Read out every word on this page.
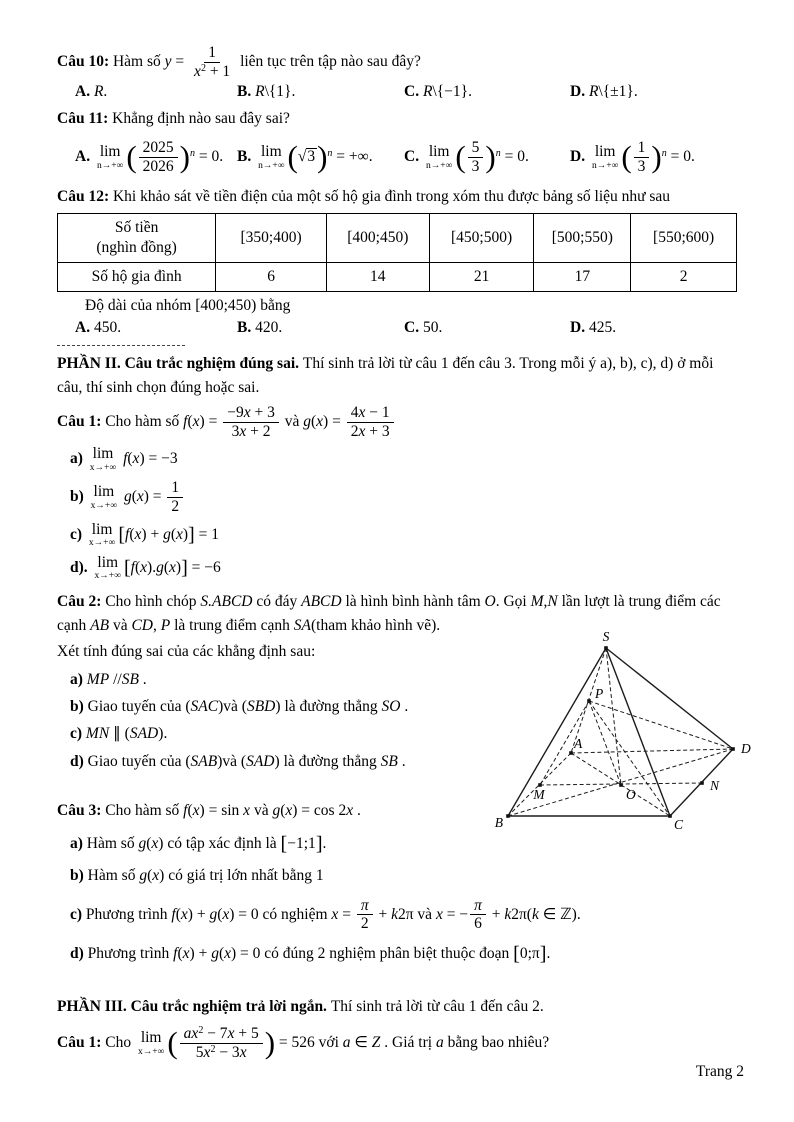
Câu 10: Hàm số $y = \frac{1}{x^2 + 1}$ liên tục trên tập nào sau đây?
A. R.	B. R\{1}.	C. R\{−1}.	D. R\{±1}.
Câu 11: Khẳng định nào sau đây sai?
A. lim
n→+∞ ( $\frac{2025}{2026} )^n = 0$. B. lim
n→+∞ ( √ 3 )$^n$ = +∞.	C. lim
n→+∞ ( $\frac{5}{3} )^n = 0$.	D. lim
n→+∞ ( $\frac{1}{3} )^n = 0$.
Câu 12: Khi khảo sát về tiền điện của một số hộ gia đình trong xóm thu được bảng số liệu như sau
Số tiền
(nghìn đồng)	[350;400)	[400;450)	[450;500)	[500;550)	[550;600)
Số hộ gia đình	6	14	21	17	2
Độ dài của nhóm [400;450) bằng
A. 450.	B. 420.	C. 50.	D. 425.
PHẦN II. Câu trắc nghiệm đúng sai. Thí sinh trả lời từ câu 1 đến câu 3. Trong mỗi ý a), b), c), d) ở mỗi câu, thí sinh chọn đúng hoặc sai.
Câu 1: Cho hàm số $f(x) = \frac{-9x + 3}{3x + 2}$ và $g(x) = \frac{4x - 1}{2x + 3}$
a) lim
x→+∞
f(x) = −3
b) lim
x→+∞
$g(x) = \frac{1}{2}$
c) lim
x→+∞ [f(x) + g(x)] = 1
d). lim
x→+∞ [f(x).g(x)] = −6
Câu 2: Cho hình chóp S.ABCD có đáy ABCD là hình bình hành tâm O. Gọi M,N lần lượt là trung điểm các cạnh AB và CD, P là trung điểm cạnh SA(tham khảo hình vẽ).
Xét tính đúng sai của các khẳng định sau:
a) MP //SB .
b) Giao tuyến của (SAC)và (SBD) là đường thẳng SO .
c) MN ∥ (SAD).
d) Giao tuyến của (SAB)và (SAD) là đường thẳng SB .
Câu 3: Cho hàm số f(x) = sin x và g(x) = cos 2x .
a) Hàm số g(x) có tập xác định là [−1;1].
b) Hàm số g(x) có giá trị lớn nhất bằng 1
c) Phương trình f(x) + g(x) = 0 có nghiệm $x = \frac{\pi}{2} + k2\pi$ và x = − $\frac{\pi}{6} + k2\pi(k$ ∈ ℤ).
d) Phương trình f(x) + g(x) = 0 có đúng 2 nghiệm phân biệt thuộc đoạn [0;π].
PHẦN III. Câu trắc nghiệm trả lời ngắn. Thí sinh trả lời từ câu 1 đến câu 2.
Câu 1: Cho lim
x→+∞ ( $\frac{ax^2 - 7x + 5}{5x^2 - 3x}$ ) = 526 với a ∈ Z . Giá trị a bằng bao nhiêu?
S
P
A	D
M	O
N
B	C
Trang 2
